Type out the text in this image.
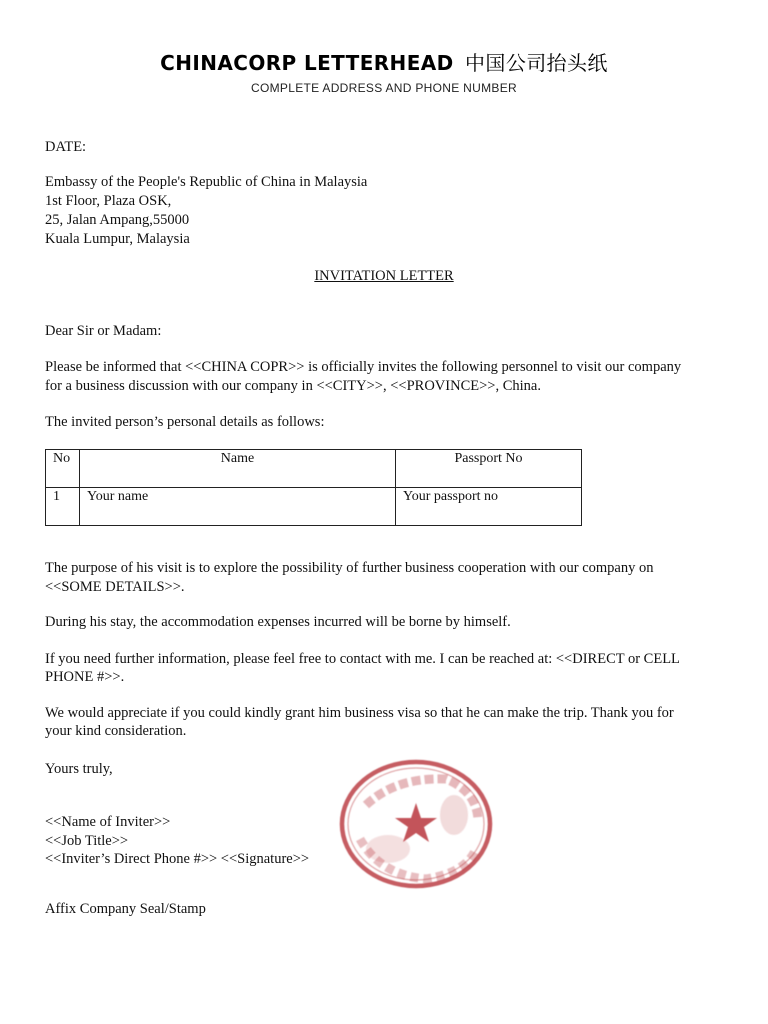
CHINACORP LETTERHEAD 中国公司抬头纸
COMPLETE ADDRESS AND PHONE NUMBER
DATE:
Embassy of the People's Republic of China in Malaysia
1st Floor, Plaza OSK,
25, Jalan Ampang,55000
Kuala Lumpur, Malaysia
INVITATION LETTER
Dear Sir or Madam:
Please be informed that <<CHINA COPR>> is officially invites the following personnel to visit our company
for a business discussion with our company in <<CITY>>, <<PROVINCE>>, China.
The invited person’s personal details as follows:
No	Name	Passport No
1	Your name	Your passport no
The purpose of his visit is to explore the possibility of further business cooperation with our company on
<<SOME DETAILS>>.
During his stay, the accommodation expenses incurred will be borne by himself.
If you need further information, please feel free to contact with me. I can be reached at: <<DIRECT or CELL
PHONE #>>.
We would appreciate if you could kindly grant him business visa so that he can make the trip. Thank you for
your kind consideration.
Yours truly,
<<Name of Inviter>>
<<Job Title>>
<<Inviter’s Direct Phone #>> <<Signature>>
Affix Company Seal/Stamp
